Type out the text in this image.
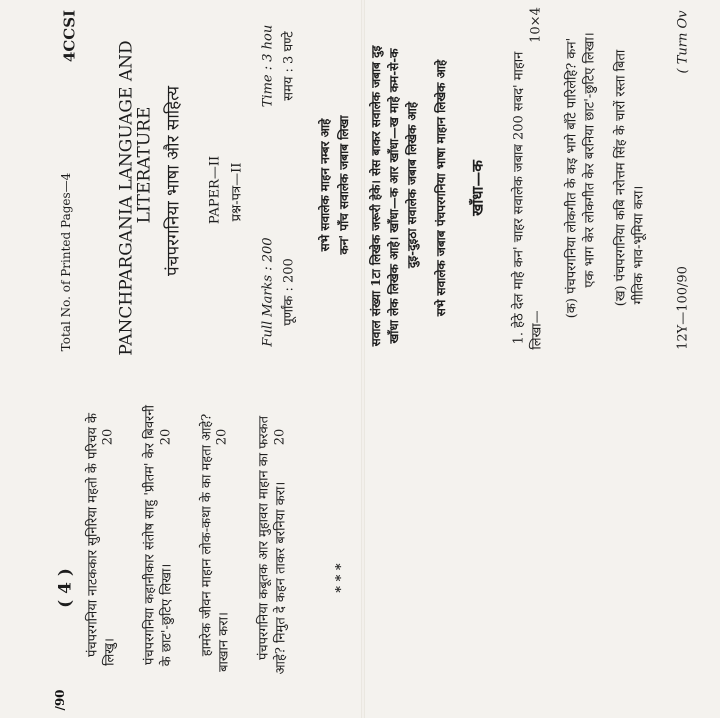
( 4 ) पंचपरगनिया नाटककार सुनिरिया महतो के परिचय के लिखु।
20 पंचपरगनिया कहानीकार संतोष साहु 'प्रीतम' केर बिवरनी के छाट'-छुटिए लिखा।
20 हामरेक जीवन माहान लोक-कथा के का महता आहे? बाखान करा।
20 पंचपरगनिया कबूतक आर मुहावरा माहान का फरकत आहे? निमुत दे कहन ताकर बरनिया करा।
20
* * *
/90
Total No. of Printed Pages—4
4CCSI
PANCHPARGANIA LANGUAGE AND
LITERATURE पंचपरगनिया भाषा और साहित्य PAPER—II प्रश्न-पत्र—II
Full Marks : 200 पूर्णांक : 200
Time : 3 hou समय : 3 घण्टे
सभे सवालेक माहन नम्बर आहे कन' पाँच सवालेक जबाब लिखा सवाल संख्या 1टा लिखेक जरूरी हेके। सेस बाकर सवालेक जबाब दुइ खाँधा लेक लिखेक आहे। खाँधा—क आर खाँधा—ख माहे कम-से-क दुइ-दुइठा सवालेक जबाब लिखेक आहे सभे सवालेक जबाब पंचपरगनिया भाषा माहान लिखेक आहे खाँधा—क 1. हेठे देल माहे कन' चाहर सवालेक जबाब 200 सबद' माहान लिखा—
10×4
(क) पंचपरगनिया लोकगीत के कइ भागे बाँटे पारिलेहि? कन' एक भाग केर लोकगीत केर बरनिया छाट'-छुटिए लिखा। (ख) पंचपरगनिया कबि नरोत्तम सिंह के चारों रस्ता बिता गीतिक भाव-भूमिया करा।
12Y—100/90
( Turn Ov
